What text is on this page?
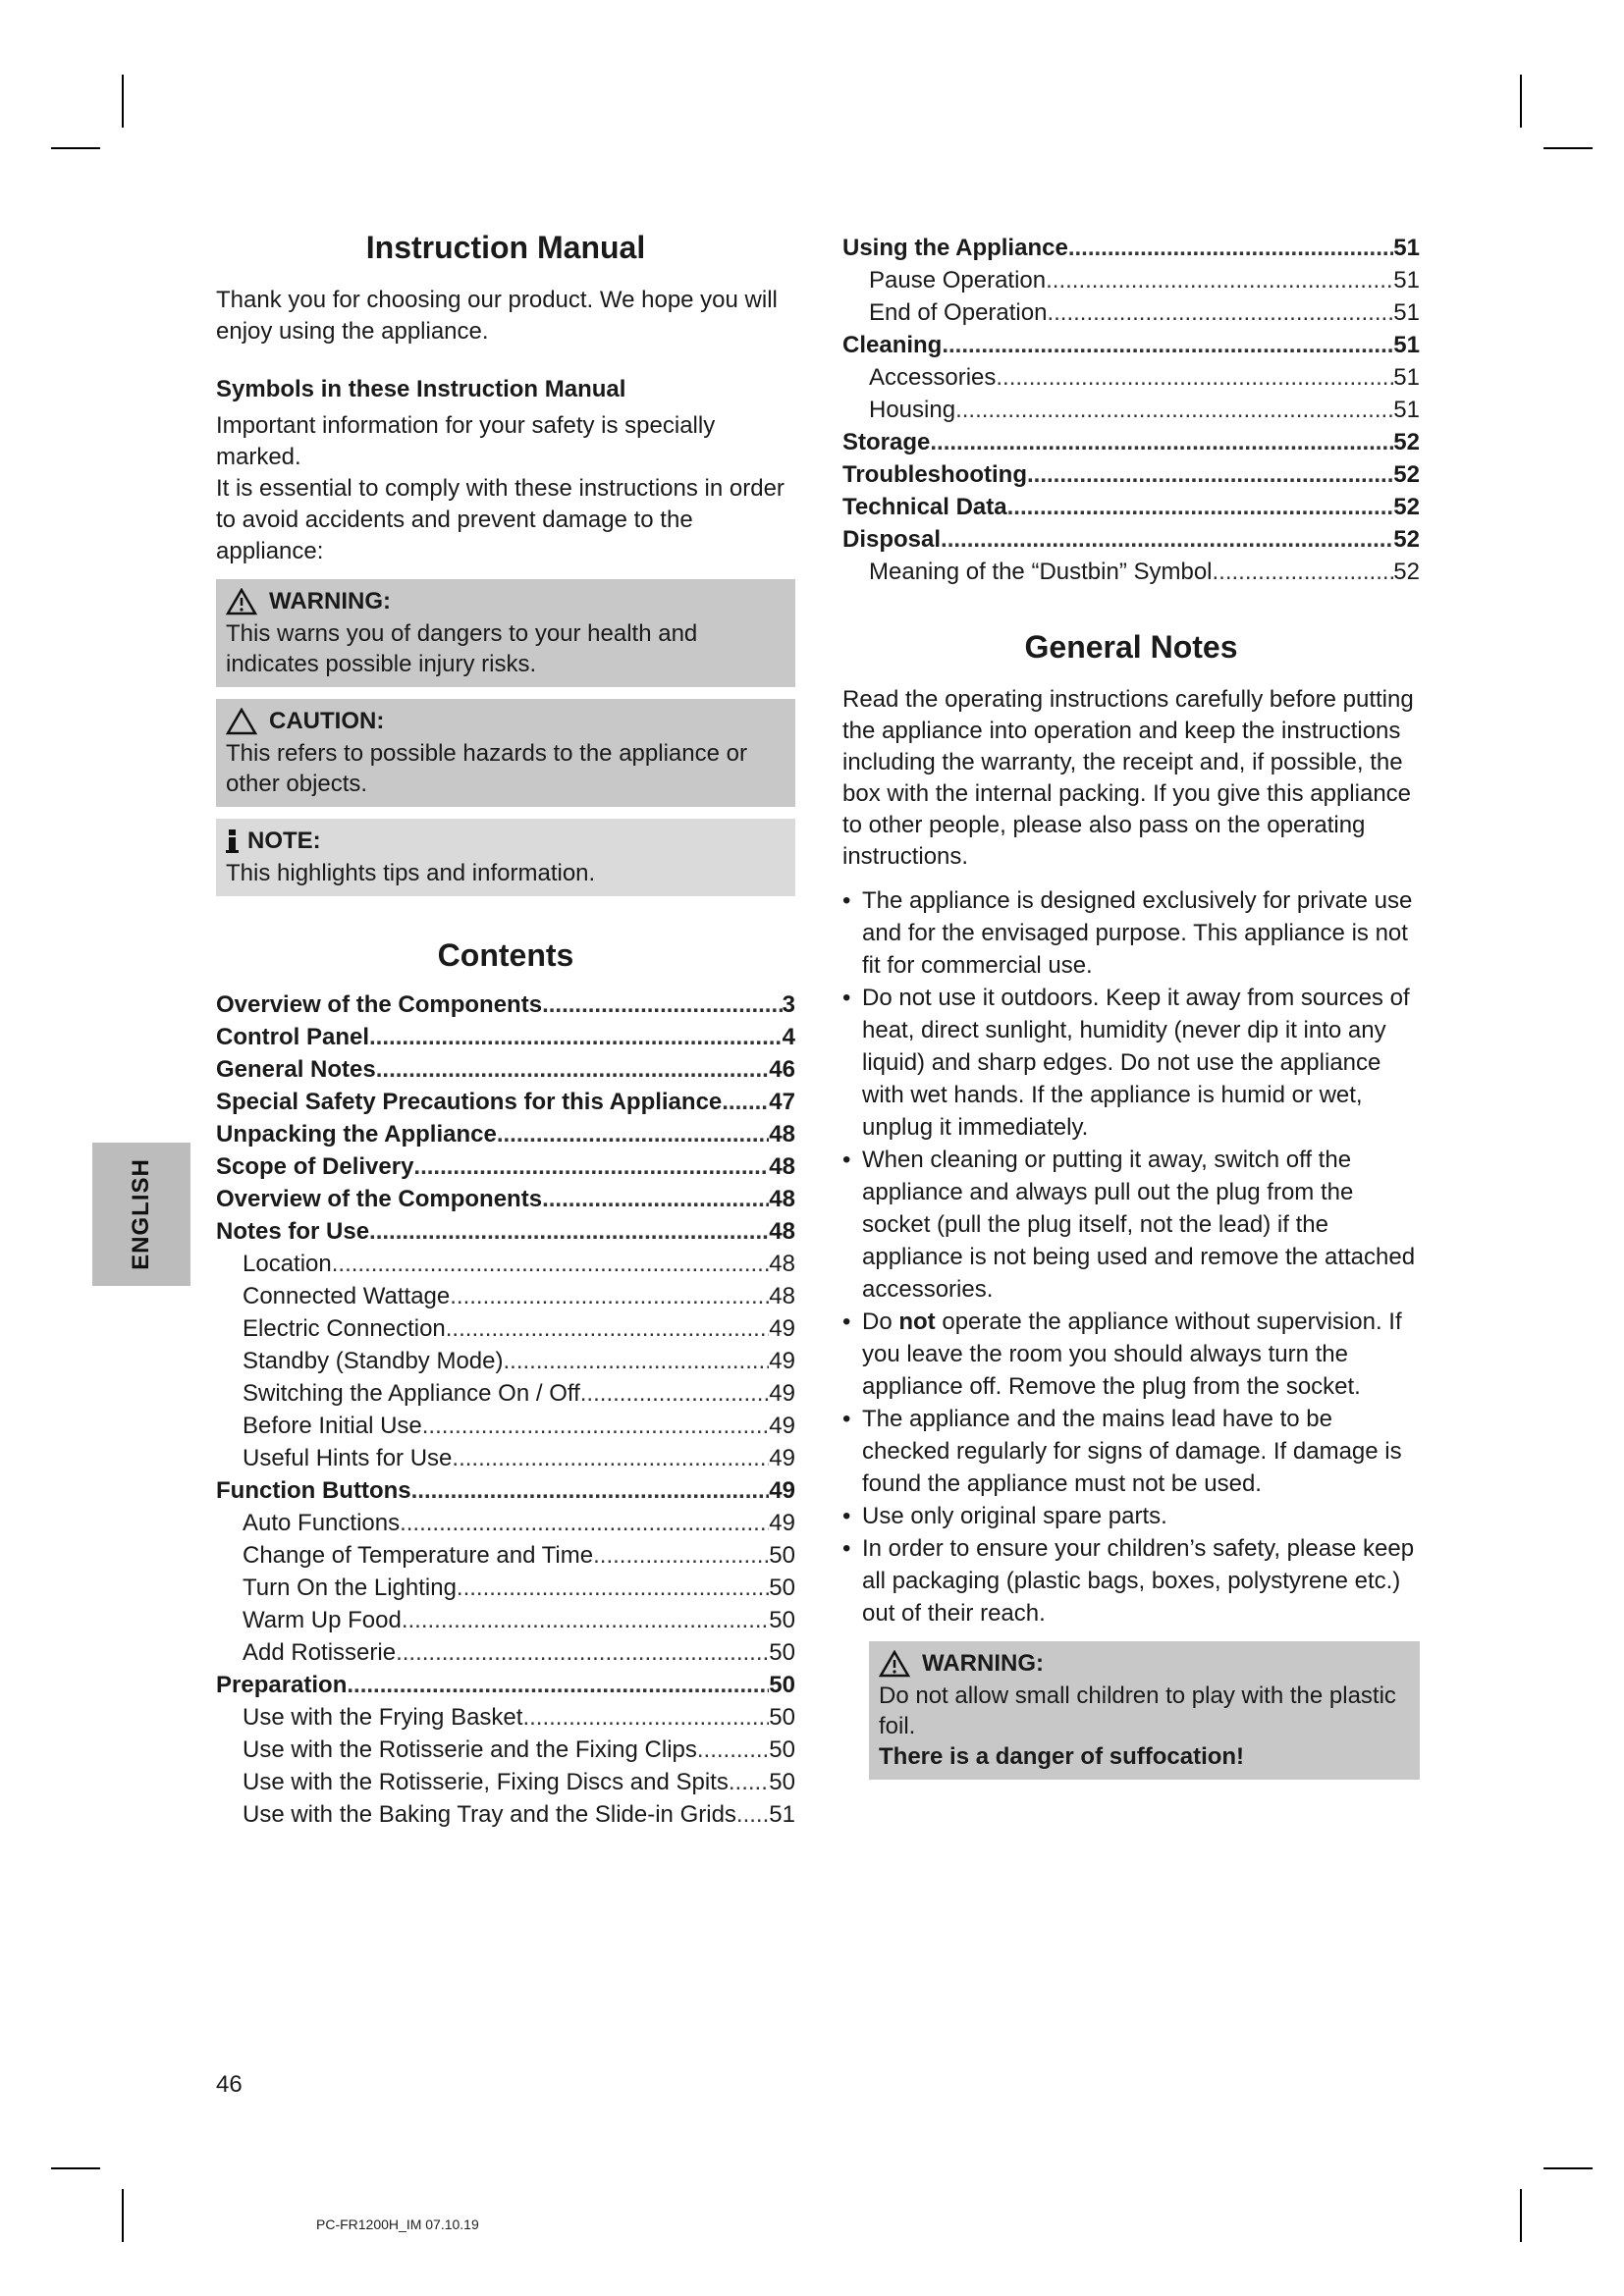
ENGLISH
Instruction Manual

Thank you for choosing our product. We hope you will enjoy using the appliance.

Symbols in these Instruction Manual

Important information for your safety is specially marked.

It is essential to comply with these instructions in order to avoid accidents and prevent damage to the appliance:

WARNING:

This warns you of dangers to your health and indicates possible injury risks.

CAUTION:

This refers to possible hazards to the appliance or other objects.

NOTE:

This highlights tips and information.

Contents
Overview of the Components .....	3
Control Panel .....	4
General Notes .....	46
Special Safety Precautions for this Appliance ..... 47
Unpacking the Appliance .....	48
Scope of Delivery .....	48
Overview of the Components .....	48
Notes for Use .....	48
Location .....	48
Connected Wattage .....	48
Electric Connection .....	49
Standby (Standby Mode) .....	49
Switching the Appliance On / Off .....	49
Before Initial Use .....	49
Useful Hints for Use .....	49
Function Buttons .....	49
Auto Functions .....	49
Change of Temperature and Time .....	50
Turn On the Lighting .....	50
Warm Up Food .....	50
Add Rotisserie .....	50
Preparation .....	50
Use with the Frying Basket .....	50
Use with the Rotisserie and the Fixing Clips .....	50
Use with the Rotisserie, Fixing Discs and Spits ..... 50
Use with the Baking Tray and the Slide-in Grids ..... 51
Using the Appliance .....	51
Pause Operation .....	51
End of Operation .....	51
Cleaning .....	51
Accessories .....	51
Housing .....	51
Storage .....	52
Troubleshooting .....	52
Technical Data .....	52
Disposal .....	52
Meaning of the “Dustbin” Symbol .....	52
General Notes

Read the operating instructions carefully before putting the appliance into operation and keep the instructions including the warranty, the receipt and, if possible, the box with the internal packing. If you give this appliance to other people, please also pass on the operating instructions.

• The appliance is designed exclusively for private use and for the envisaged purpose. This appliance is not fit for commercial use.
• Do not use it outdoors. Keep it away from sources of heat, direct sunlight, humidity (never dip it into any liquid) and sharp edges. Do not use the appliance with wet hands. If the appliance is humid or wet, unplug it immediately.
• When cleaning or putting it away, switch off the appliance and always pull out the plug from the socket (pull the plug itself, not the lead) if the appliance is not being used and remove the attached accessories.
• Do not operate the appliance without supervision. If you leave the room you should always turn the appliance off. Remove the plug from the socket.
• The appliance and the mains lead have to be checked regularly for signs of damage. If damage is found the appliance must not be used.
• Use only original spare parts.
• In order to ensure your children’s safety, please keep all packaging (plastic bags, boxes, polystyrene etc.) out of their reach.
WARNING:

Do not allow small children to play with the plastic foil.

There is a danger of suffocation!

46
PC-FR1200H_IM 07.10.19
